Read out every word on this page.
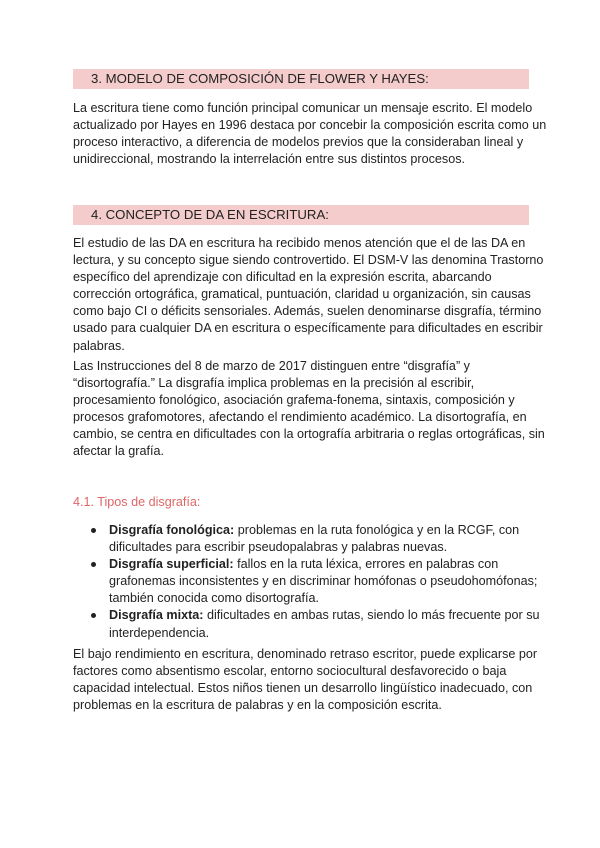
3. MODELO DE COMPOSICIÓN DE FLOWER Y HAYES:

La escritura tiene como función principal comunicar un mensaje escrito. El modelo
actualizado por Hayes en 1996 destaca por concebir la composición escrita como un
proceso interactivo, a diferencia de modelos previos que la consideraban lineal y
unidireccional, mostrando la interrelación entre sus distintos procesos.

4. CONCEPTO DE DA EN ESCRITURA:

El estudio de las DA en escritura ha recibido menos atención que el de las DA en
lectura, y su concepto sigue siendo controvertido. El DSM-V las denomina Trastorno
específico del aprendizaje con dificultad en la expresión escrita, abarcando
corrección ortográfica, gramatical, puntuación, claridad u organización, sin causas
como bajo CI o déficits sensoriales. Además, suelen denominarse disgrafía, término
usado para cualquier DA en escritura o específicamente para dificultades en escribir
palabras.

Las Instrucciones del 8 de marzo de 2017 distinguen entre “disgrafía” y
“disortografía.” La disgrafía implica problemas en la precisión al escribir,
procesamiento fonológico, asociación grafema-fonema, sintaxis, composición y
procesos grafomotores, afectando el rendimiento académico. La disortografía, en
cambio, se centra en dificultades con la ortografía arbitraria o reglas ortográficas, sin
afectar la grafía.

4.1. Tipos de disgrafía:
Disgrafía fonológica: problemas en la ruta fonológica y en la RCGF, con
dificultades para escribir pseudopalabras y palabras nuevas.
Disgrafía superficial: fallos en la ruta léxica, errores en palabras con
grafonemas inconsistentes y en discriminar homófonas o pseudohomófonas;
también conocida como disortografía.
Disgrafía mixta: dificultades en ambas rutas, siendo lo más frecuente por su
interdependencia.

El bajo rendimiento en escritura, denominado retraso escritor, puede explicarse por
factores como absentismo escolar, entorno sociocultural desfavorecido o baja
capacidad intelectual. Estos niños tienen un desarrollo lingüístico inadecuado, con
problemas en la escritura de palabras y en la composición escrita.
